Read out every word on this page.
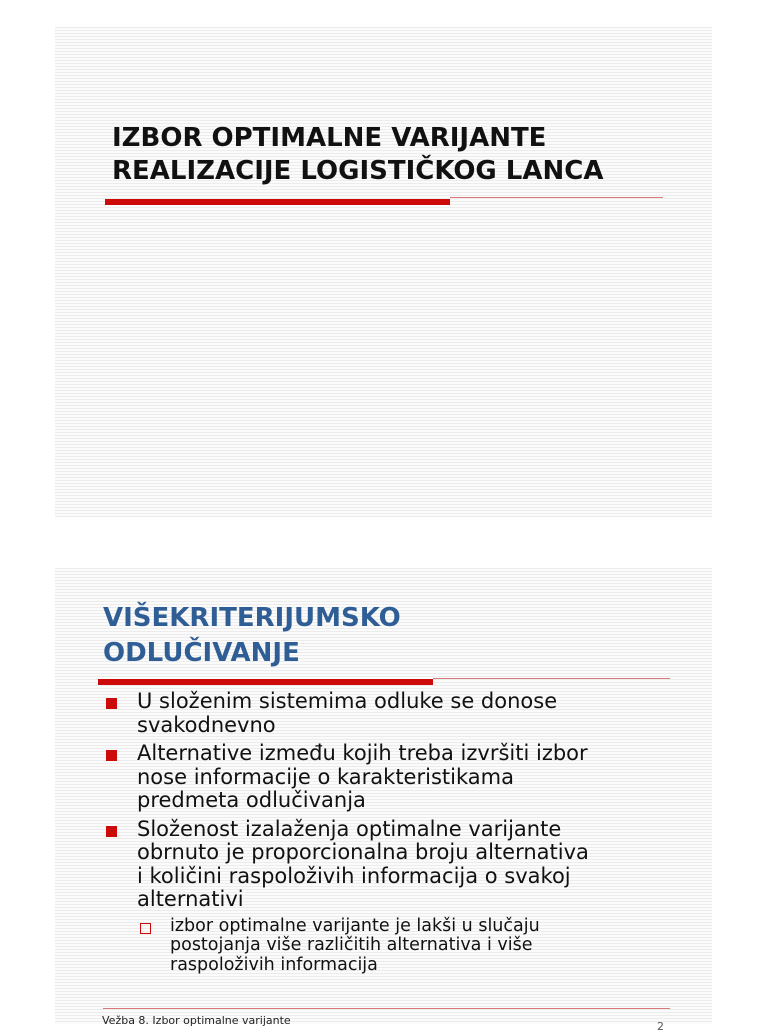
IZBOR OPTIMALNE VARIJANTE
REALIZACIJE LOGISTIČKOG LANCA
VIŠEKRITERIJUMSKO
ODLUČIVANJE

U složenim sistemima odluke se donose
svakodnevno

Alternative između kojih treba izvršiti izbor
nose informacije o karakteristikama
predmeta odlučivanja

Složenost izalaženja optimalne varijante
obrnuto je proporcionalna broju alternativa
i količini raspoloživih informacija o svakoj
alternativi

izbor optimalne varijante je lakši u slučaju
postojanja više različitih alternativa i više
raspoloživih informacija

Vežba 8. Izbor optimalne varijante	2
